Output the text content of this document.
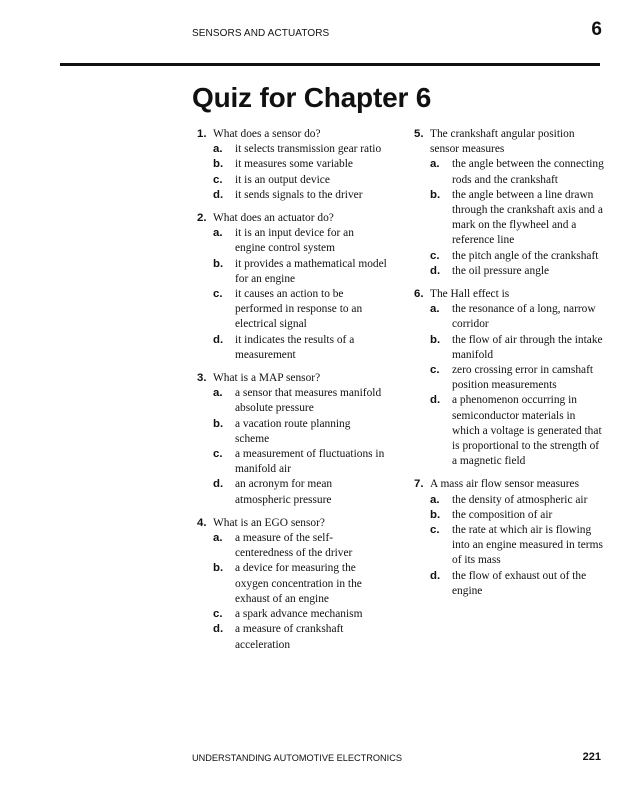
SENSORS AND ACTUATORS	6
Quiz for Chapter 6
1. What does a sensor do?
a.	it selects transmission gear ratio
b.	it measures some variable
c.	it is an output device
d.	it sends signals to the driver
2. What does an actuator do?
a.	it is an input device for an engine control system
b.	it provides a mathematical model for an engine
c.	it causes an action to be performed in response to an electrical signal
d.	it indicates the results of a measurement
3. What is a MAP sensor?
a.	a sensor that measures manifold absolute pressure
b.	a vacation route planning scheme
c.	a measurement of fluctuations in manifold air
d.	an acronym for mean atmospheric pressure
4. What is an EGO sensor?
a.	a measure of the self-centeredness of the driver
b.	a device for measuring the oxygen concentration in the exhaust of an engine
c.	a spark advance mechanism
d.	a measure of crankshaft acceleration
5. The crankshaft angular position sensor measures
a.	the angle between the connecting rods and the crankshaft
b.	the angle between a line drawn through the crankshaft axis and a mark on the flywheel and a reference line
c.	the pitch angle of the crankshaft
d.	the oil pressure angle
6. The Hall effect is
a.	the resonance of a long, narrow corridor
b.	the flow of air through the intake manifold
c.	zero crossing error in camshaft position measurements
d.	a phenomenon occurring in semiconductor materials in which a voltage is generated that is proportional to the strength of a magnetic field
7. A mass air flow sensor measures
a.	the density of atmospheric air
b.	the composition of air
c.	the rate at which air is flowing into an engine measured in terms of its mass
d.	the flow of exhaust out of the engine
UNDERSTANDING AUTOMOTIVE ELECTRONICS	221
